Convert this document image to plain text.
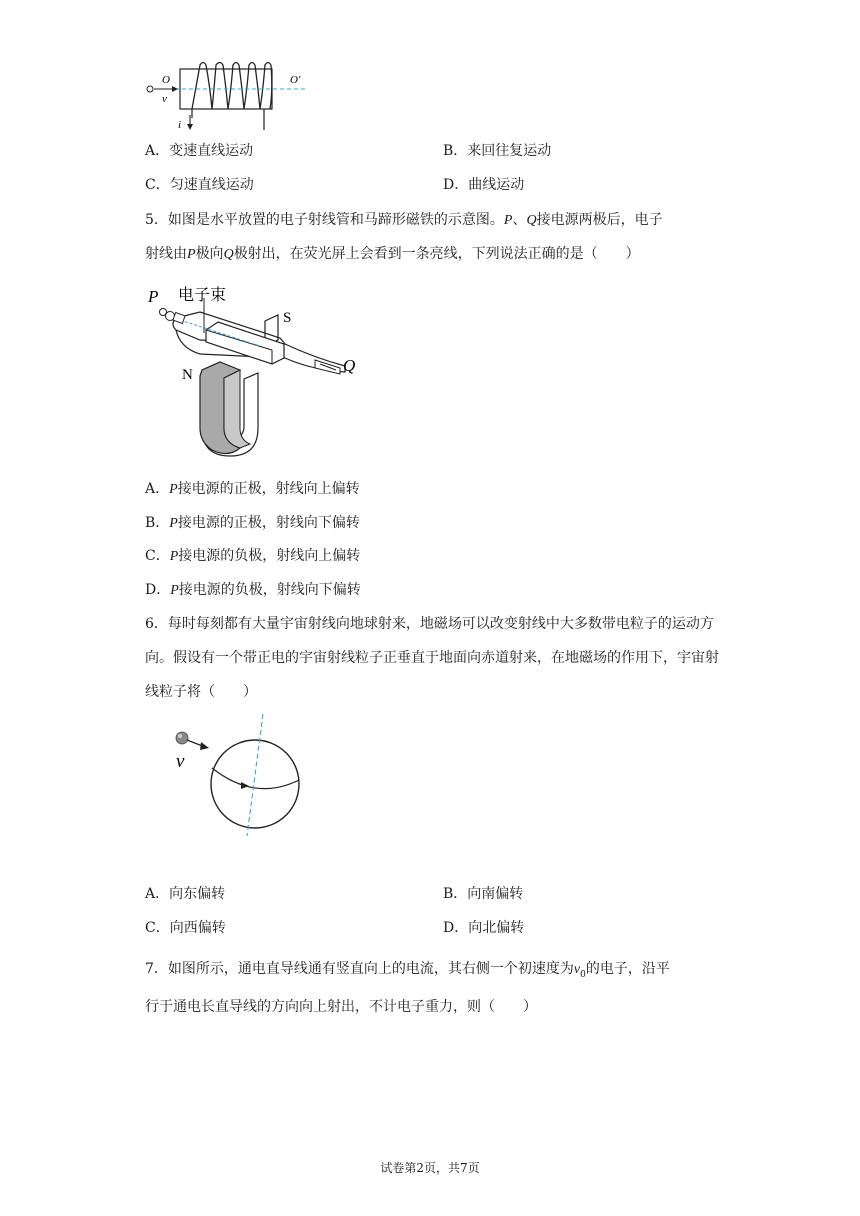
O	O'
v
i
A．变速直线运动	B．来回往复运动
C．匀速直线运动	D．曲线运动
5．如图是水平放置的电子射线管和马蹄形磁铁的示意图。P、Q接电源两极后，电子
射线由P极向Q极射出，在荧光屏上会看到一条亮线，下列说法正确的是（　　）
P 电子束
S
N	Q
A．P接电源的正极，射线向上偏转
B．P接电源的正极，射线向下偏转
C．P接电源的负极，射线向上偏转
D．P接电源的负极，射线向下偏转
6．每时每刻都有大量宇宙射线向地球射来，地磁场可以改变射线中大多数带电粒子的运动方向。假设有一个带正电的宇宙射线粒子正垂直于地面向赤道射来，在地磁场的作用下，宇宙射线粒子将（　　）
v
A．向东偏转	B．向南偏转
C．向西偏转	D．向北偏转
7．如图所示，通电直导线通有竖直向上的电流，其右侧一个初速度为$v_0$的电子，沿平
行于通电长直导线的方向向上射出，不计电子重力，则（　　）
试卷第2页，共7页
